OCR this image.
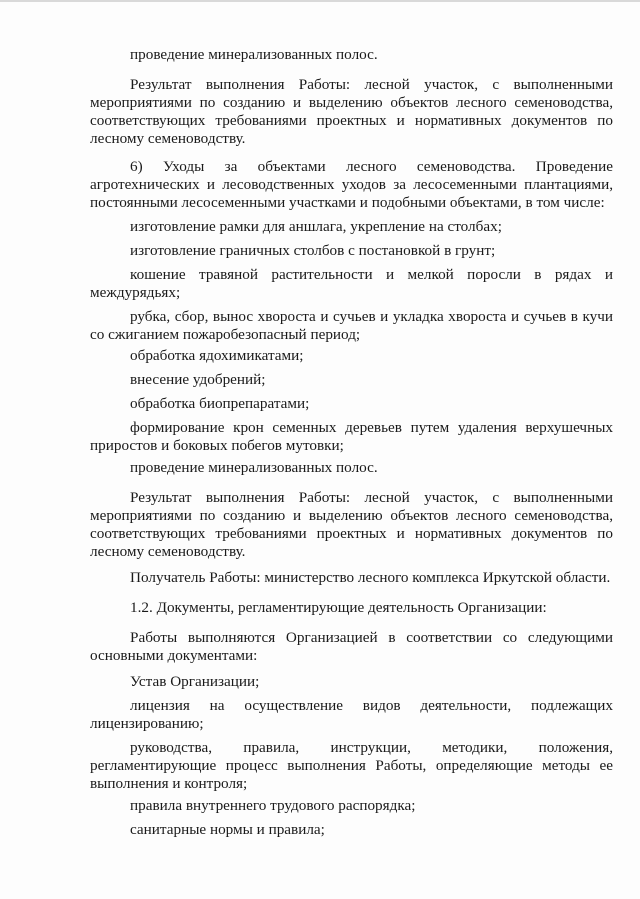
проведение минерализованных полос.

Результат выполнения Работы: лесной участок, с выполненными мероприятиями по созданию и выделению объектов лесного семеноводства, соответствующих требованиями проектных и нормативных документов по лесному семеноводству.

6) Уходы за объектами лесного семеноводства. Проведение агротехнических и лесоводственных уходов за лесосеменными плантациями, постоянными лесосеменными участками и подобными объектами, в том числе:

изготовление рамки для аншлага, укрепление на столбах;

изготовление граничных столбов с постановкой в грунт;

кошение травяной растительности и мелкой поросли в рядах и междурядьях;

рубка, сбор, вынос хвороста и сучьев и укладка хвороста и сучьев в кучи со сжиганием пожаробезопасный период;

обработка ядохимикатами;

внесение удобрений;

обработка биопрепаратами;

формирование крон семенных деревьев путем удаления верхушечных приростов и боковых побегов мутовки;

проведение минерализованных полос.

Результат выполнения Работы: лесной участок, с выполненными мероприятиями по созданию и выделению объектов лесного семеноводства, соответствующих требованиями проектных и нормативных документов по лесному семеноводству.

Получатель Работы: министерство лесного комплекса Иркутской области.

1.2. Документы, регламентирующие деятельность Организации:

Работы выполняются Организацией в соответствии со следующими основными документами:

Устав Организации;

лицензия на осуществление видов деятельности, подлежащих лицензированию;

руководства, правила, инструкции, методики, положения, регламентирующие процесс выполнения Работы, определяющие методы ее выполнения и контроля;

правила внутреннего трудового распорядка;

санитарные нормы и правила;
